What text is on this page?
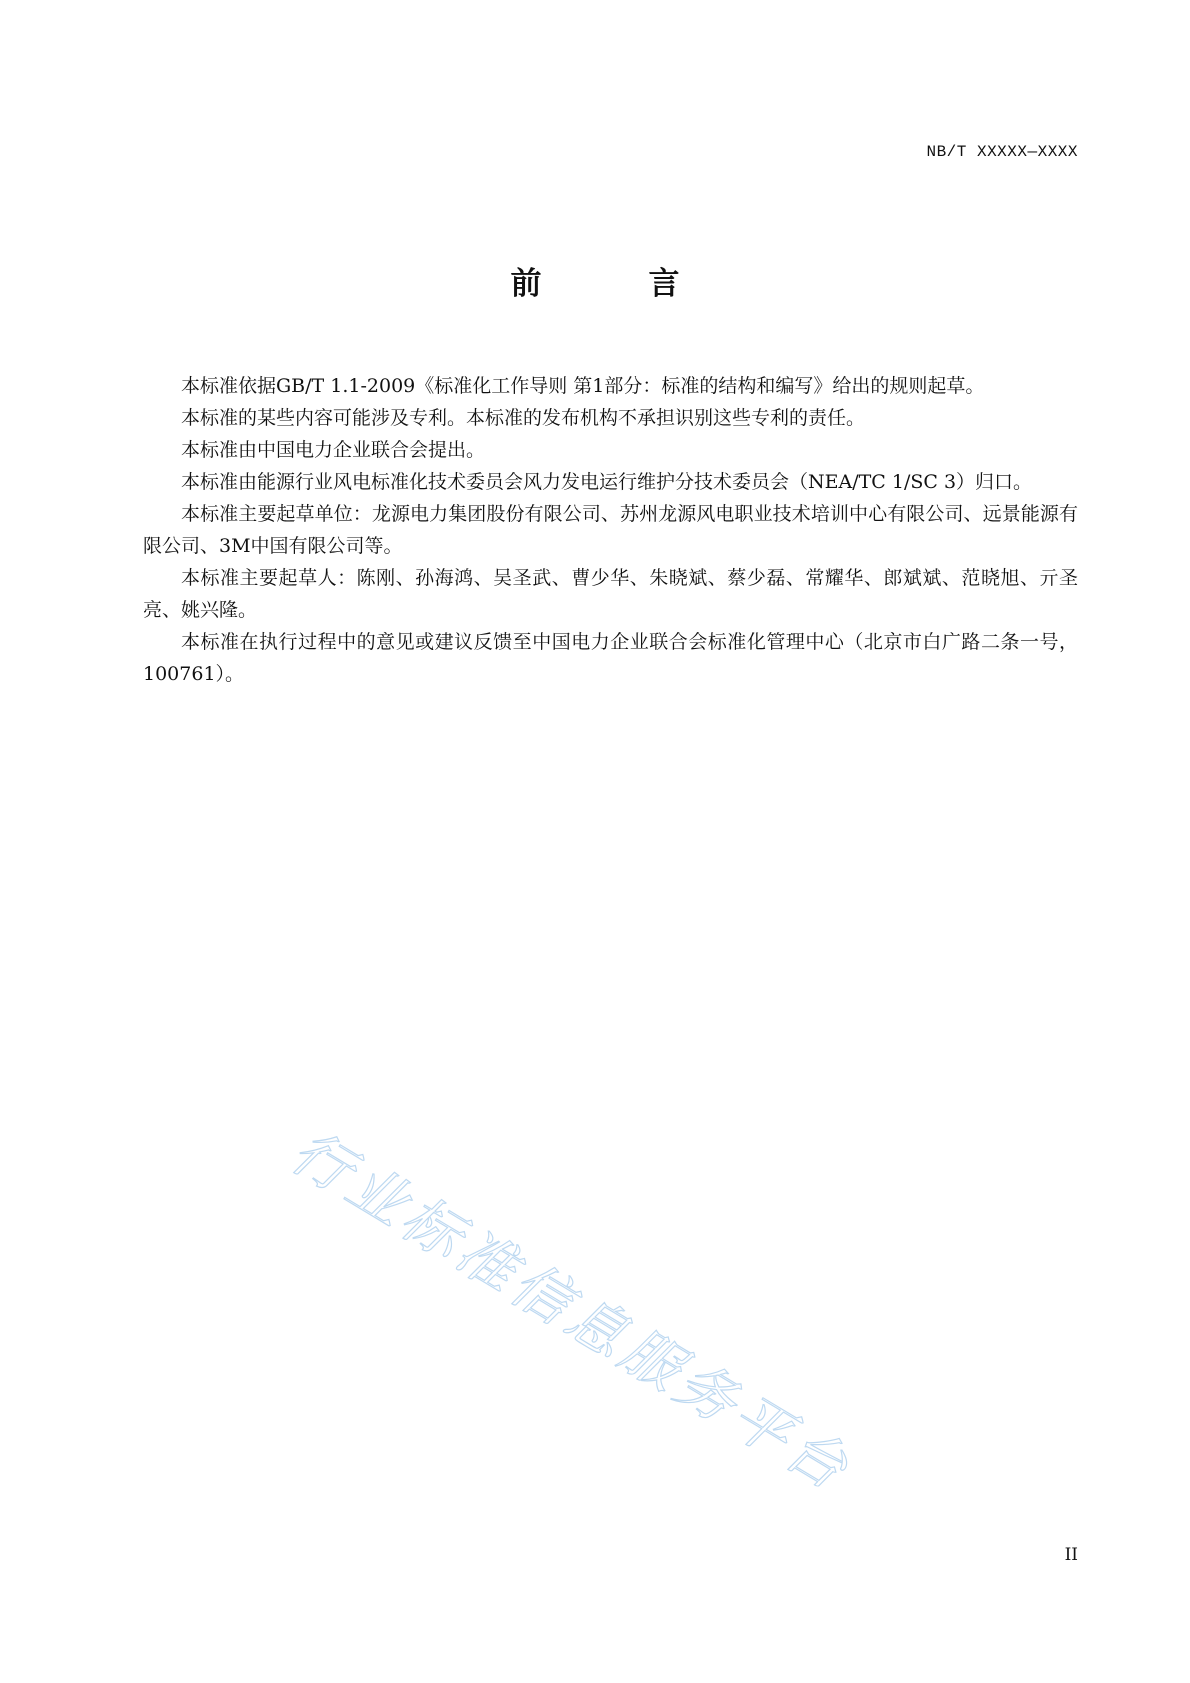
NB/T XXXXX—XXXX
前　言

本标准依据GB/T 1.1-2009《标准化工作导则 第1部分：标准的结构和编写》给出的规则起草。

本标准的某些内容可能涉及专利。本标准的发布机构不承担识别这些专利的责任。

本标准由中国电力企业联合会提出。

本标准由能源行业风电标准化技术委员会风力发电运行维护分技术委员会（NEA/TC 1/SC 3）归口。

本标准主要起草单位：龙源电力集团股份有限公司、苏州龙源风电职业技术培训中心有限公司、远景能源有限公司、3M中国有限公司等。

本标准主要起草人：陈刚、孙海鸿、吴圣武、曹少华、朱晓斌、蔡少磊、常耀华、郎斌斌、范晓旭、亓圣亮、姚兴隆。

本标准在执行过程中的意见或建议反馈至中国电力企业联合会标准化管理中心（北京市白广路二条一号，100761）。

行业标准信息服务平台
II
